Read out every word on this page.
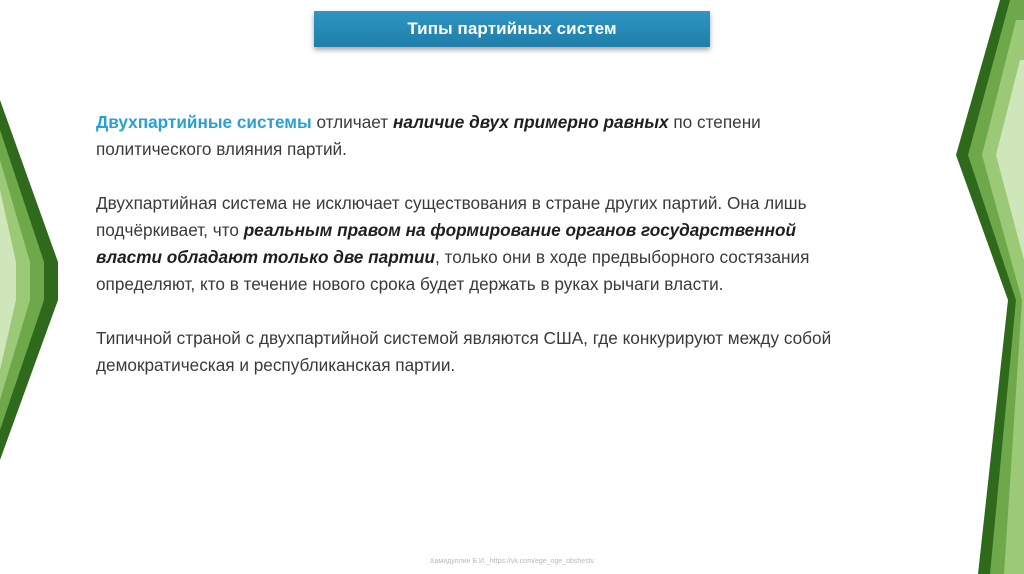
Типы партийных систем

Двухпартийные системы отличает наличие двух примерно равных по степени политического влияния партий.

Двухпартийная система не исключает существования в стране других партий. Она лишь подчёркивает, что реальным правом на формирование органов государственной власти обладают только две партии, только они в ходе предвыборного состязания определяют, кто в течение нового срока будет держать в руках рычаги власти.

Типичной страной с двухпартийной системой являются США, где конкурируют между собой демократическая и республиканская партии.

Хамидуллин Б.И._https://vk.com/ege_oge_obshestv
